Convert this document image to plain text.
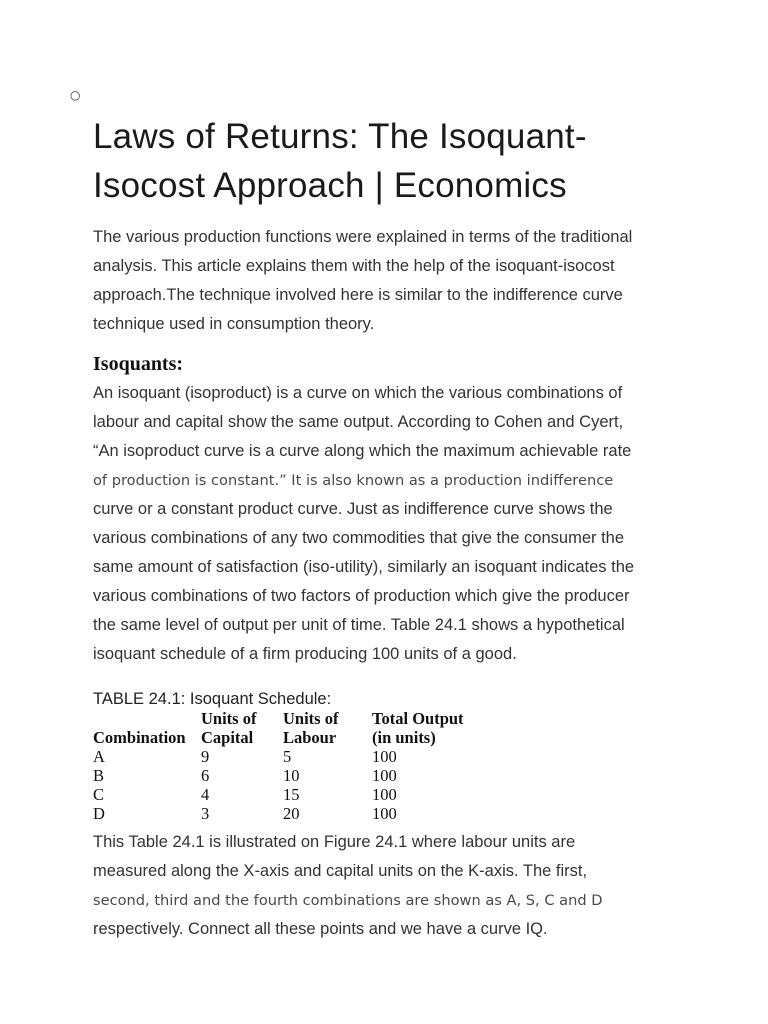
○
Laws of Returns: The Isoquant-
Isocost Approach | Economics
The various production functions were explained in terms of the traditional
analysis. This article explains them with the help of the isoquant-isocost
approach.The technique involved here is similar to the indifference curve
technique used in consumption theory.
Isoquants:
An isoquant (isoproduct) is a curve on which the various combinations of
labour and capital show the same output. According to Cohen and Cyert,
“An isoproduct curve is a curve along which the maximum achievable rate
of production is constant.” It is also known as a production indifference
curve or a constant product curve. Just as indifference curve shows the
various combinations of any two commodities that give the consumer the
same amount of satisfaction (iso-utility), similarly an isoquant indicates the
various combinations of two factors of production which give the producer
the same level of output per unit of time. Table 24.1 shows a hypothetical
isoquant schedule of a firm producing 100 units of a good.
TABLE 24.1: Isoquant Schedule:
	Units of	Units of	Total Output
Combination	Capital	Labour	(in units)
A	9	5	100
B	6	10	100
C	4	15	100
D	3	20	100
This Table 24.1 is illustrated on Figure 24.1 where labour units are
measured along the X-axis and capital units on the K-axis. The first,
second, third and the fourth combinations are shown as A, S, C and D
respectively. Connect all these points and we have a curve IQ.
